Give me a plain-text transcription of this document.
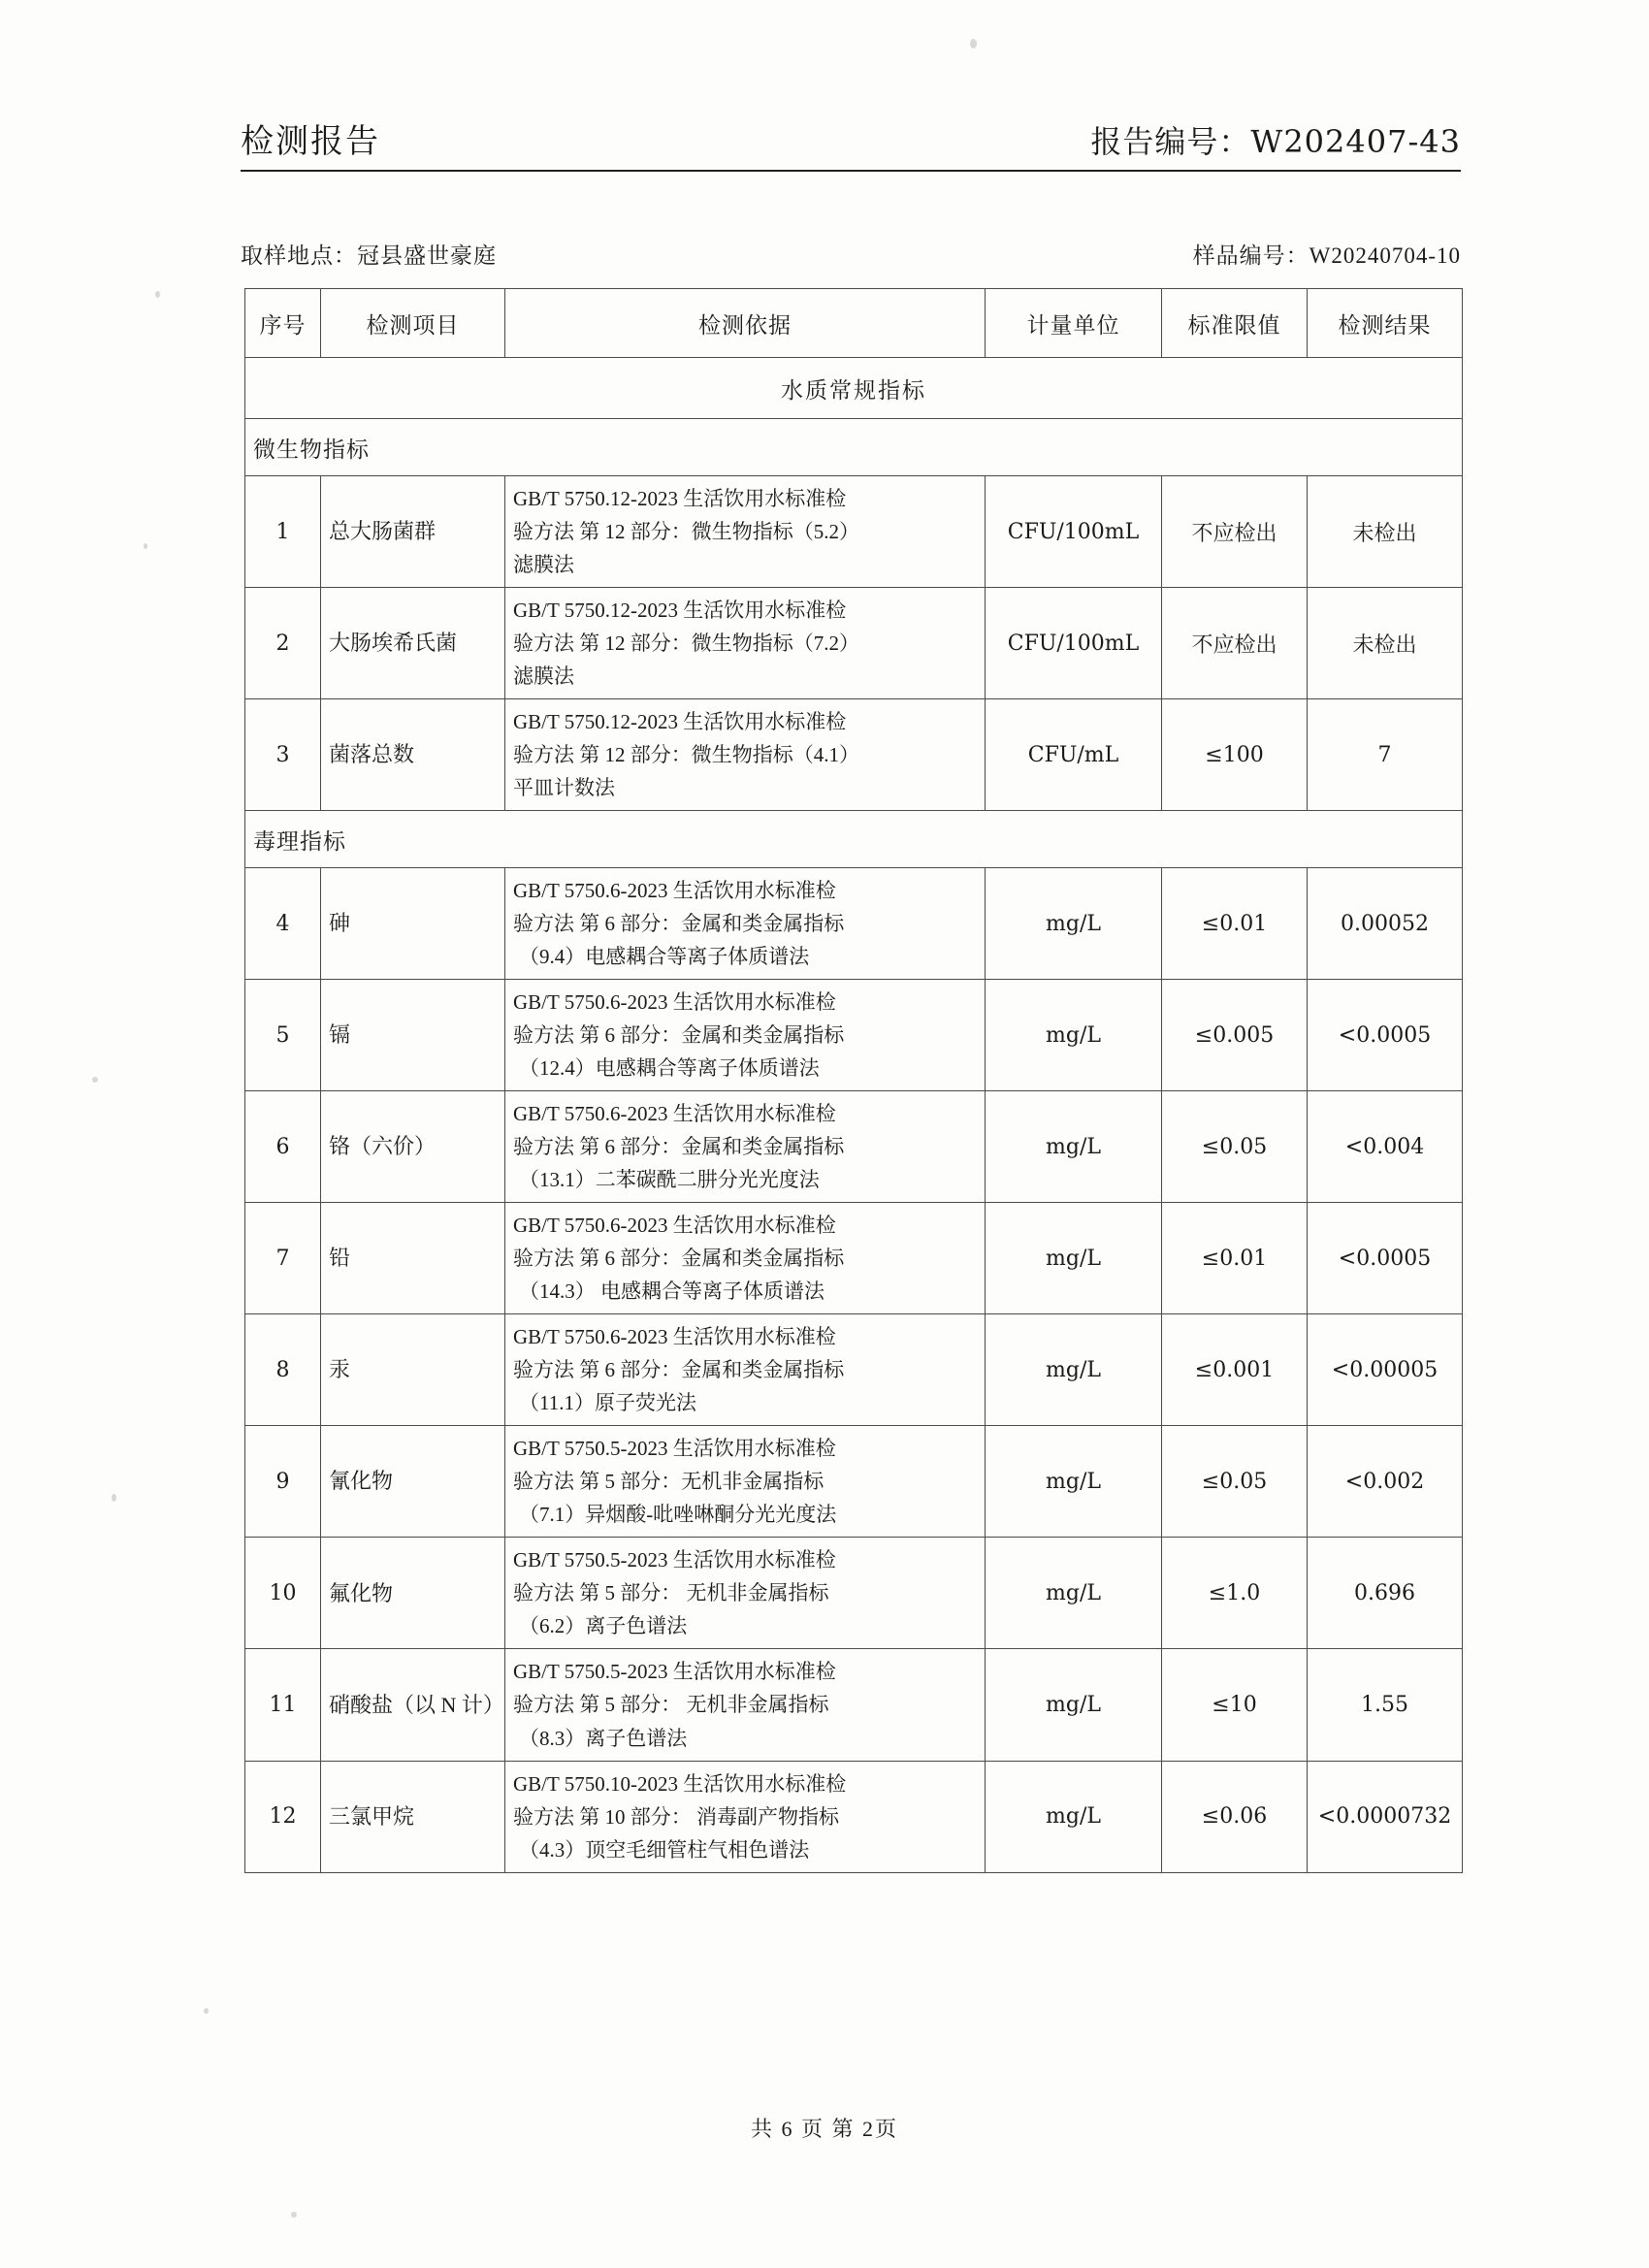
检测报告	报告编号：W202407-43
取样地点：冠县盛世豪庭	样品编号：W20240704-10
序号	检测项目	检测依据	计量单位	标准限值	检测结果
水质常规指标					
微生物指标					
1	总大肠菌群	GB/T 5750.12-2023 生活饮用水标准检
验方法 第 12 部分：微生物指标（5.2）
滤膜法	CFU/100mL	不应检出	未检出
2	大肠埃希氏菌	GB/T 5750.12-2023 生活饮用水标准检
验方法 第 12 部分：微生物指标（7.2）
滤膜法	CFU/100mL	不应检出	未检出
3	菌落总数	GB/T 5750.12-2023 生活饮用水标准检
验方法 第 12 部分：微生物指标（4.1）
平皿计数法	CFU/mL	≤100	7
毒理指标					
4	砷	GB/T 5750.6-2023 生活饮用水标准检
验方法 第 6 部分：金属和类金属指标
（9.4）电感耦合等离子体质谱法	mg/L	≤0.01	0.00052
5	镉	GB/T 5750.6-2023 生活饮用水标准检
验方法 第 6 部分：金属和类金属指标
（12.4）电感耦合等离子体质谱法	mg/L	≤0.005	<0.0005
6	铬（六价）	GB/T 5750.6-2023 生活饮用水标准检
验方法 第 6 部分：金属和类金属指标
（13.1）二苯碳酰二肼分光光度法	mg/L	≤0.05	<0.004
7	铅	GB/T 5750.6-2023 生活饮用水标准检
验方法 第 6 部分：金属和类金属指标
（14.3） 电感耦合等离子体质谱法	mg/L	≤0.01	<0.0005
8	汞	GB/T 5750.6-2023 生活饮用水标准检
验方法 第 6 部分：金属和类金属指标
（11.1）原子荧光法	mg/L	≤0.001	<0.00005
9	氰化物	GB/T 5750.5-2023 生活饮用水标准检
验方法 第 5 部分：无机非金属指标
（7.1）异烟酸-吡唑啉酮分光光度法	mg/L	≤0.05	<0.002
10	氟化物	GB/T 5750.5-2023 生活饮用水标准检
验方法 第 5 部分： 无机非金属指标
（6.2）离子色谱法	mg/L	≤1.0	0.696
11	硝酸盐（以 N 计）	GB/T 5750.5-2023 生活饮用水标准检
验方法 第 5 部分： 无机非金属指标
（8.3）离子色谱法	mg/L	≤10	1.55
12	三氯甲烷	GB/T 5750.10-2023 生活饮用水标准检
验方法 第 10 部分： 消毒副产物指标
（4.3）顶空毛细管柱气相色谱法	mg/L	≤0.06	<0.0000732
共 6 页 第 2页
